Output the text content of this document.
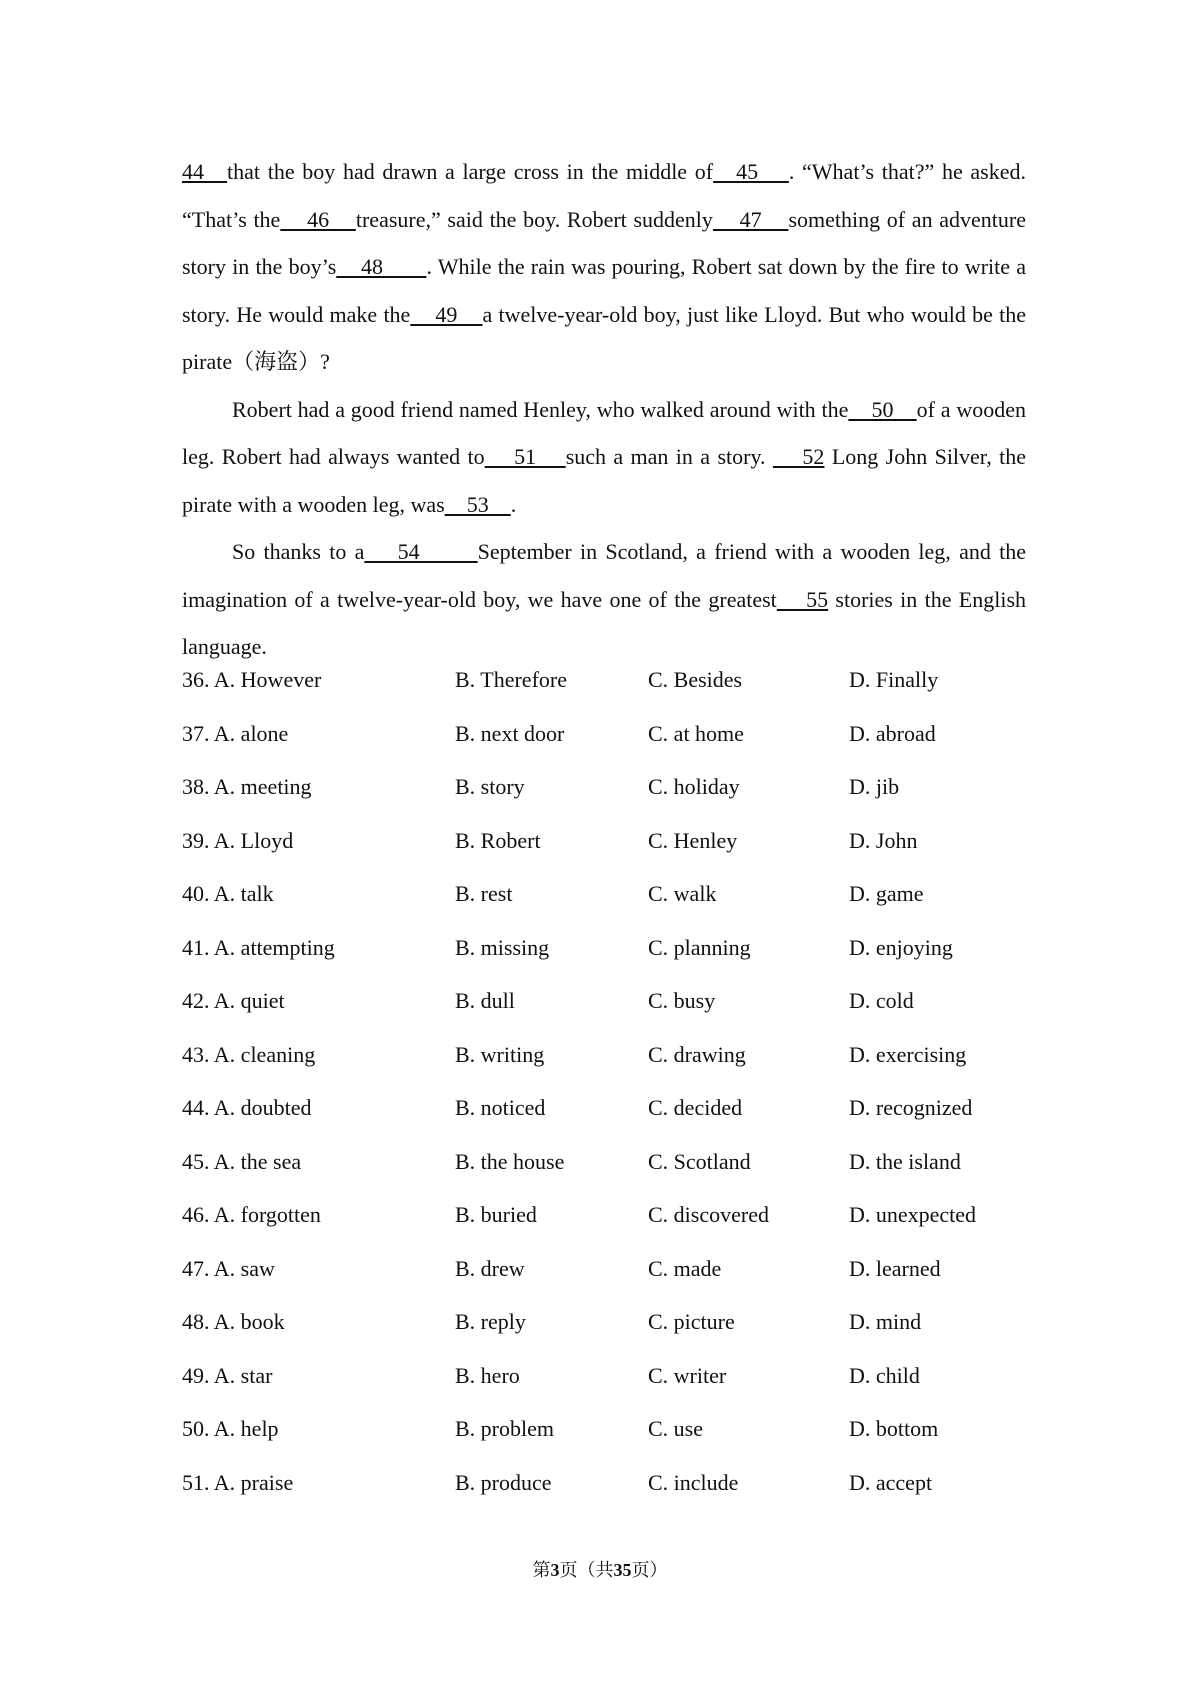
44   that the boy had drawn a large cross in the middle of   45    . “What’s that?” he asked. “That’s the    46    treasure,” said the boy. Robert suddenly    47    something of an adventure story in the boy’s    48       . While the rain was pouring, Robert sat down by the fire to write a story. He would make the    49    a twelve-year-old boy, just like Lloyd. But who would be the pirate（海盗）?

Robert had a good friend named Henley, who walked around with the    50    of a wooden leg. Robert had always wanted to    51    such a man in a story.     52 Long John Silver, the pirate with a wooden leg, was    53    .

So thanks to a    54       September in Scotland, a friend with a wooden leg, and the imagination of a twelve-year-old boy, we have one of the greatest    55 stories in the English language.

36. A. However	B. Therefore	C. Besides	D. Finally
37. A. alone	B. next door	C. at home	D. abroad
38. A. meeting	B. story	C. holiday	D. jib
39. A. Lloyd	B. Robert	C. Henley	D. John
40. A. talk	B. rest	C. walk	D. game
41. A. attempting	B. missing	C. planning	D. enjoying
42. A. quiet	B. dull	C. busy	D. cold
43. A. cleaning	B. writing	C. drawing	D. exercising
44. A. doubted	B. noticed	C. decided	D. recognized
45. A. the sea	B. the house	C. Scotland	D. the island
46. A. forgotten	B. buried	C. discovered	D. unexpected
47. A. saw	B. drew	C. made	D. learned
48. A. book	B. reply	C. picture	D. mind
49. A. star	B. hero	C. writer	D. child
50. A. help	B. problem	C. use	D. bottom
51. A. praise	B. produce	C. include	D. accept
第3页（共35页）
